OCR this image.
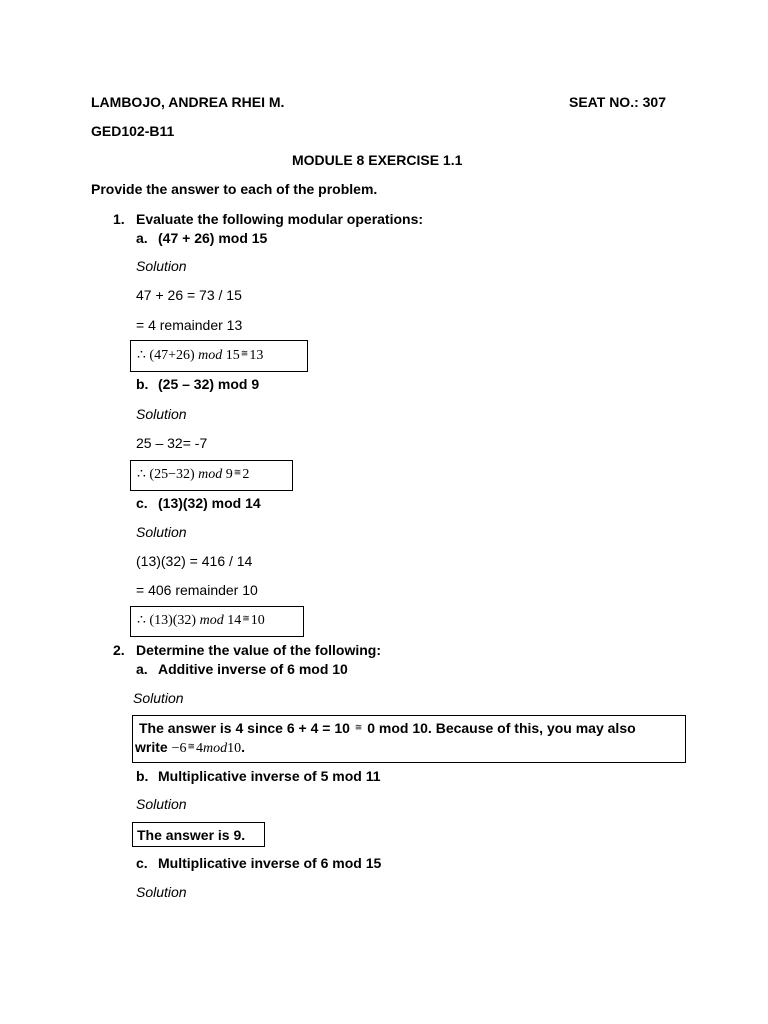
LAMBOJO, ANDREA RHEI M.	SEAT NO.: 307
GED102-B11
MODULE 8 EXERCISE 1.1
Provide the answer to each of the problem.
1. Evaluate the following modular operations:
a. (47 + 26) mod 15
Solution
47 + 26 = 73 / 15
= 4 remainder 13
∴ (47+26) mod 15≅13
b. (25 – 32) mod 9
Solution
25 – 32= -7
∴ (25−32) mod 9≅2
c. (13)(32) mod 14
Solution
(13)(32) = 416 / 14
= 406 remainder 10
∴ (13)(32) mod 14≅10
2. Determine the value of the following:
a. Additive inverse of 6 mod 10
Solution
The answer is 4 since 6 + 4 = 10 ≅ 0 mod 10. Because of this, you may also
write −6≅4mod10.
b. Multiplicative inverse of 5 mod 11
Solution
The answer is 9.
c. Multiplicative inverse of 6 mod 15
Solution
